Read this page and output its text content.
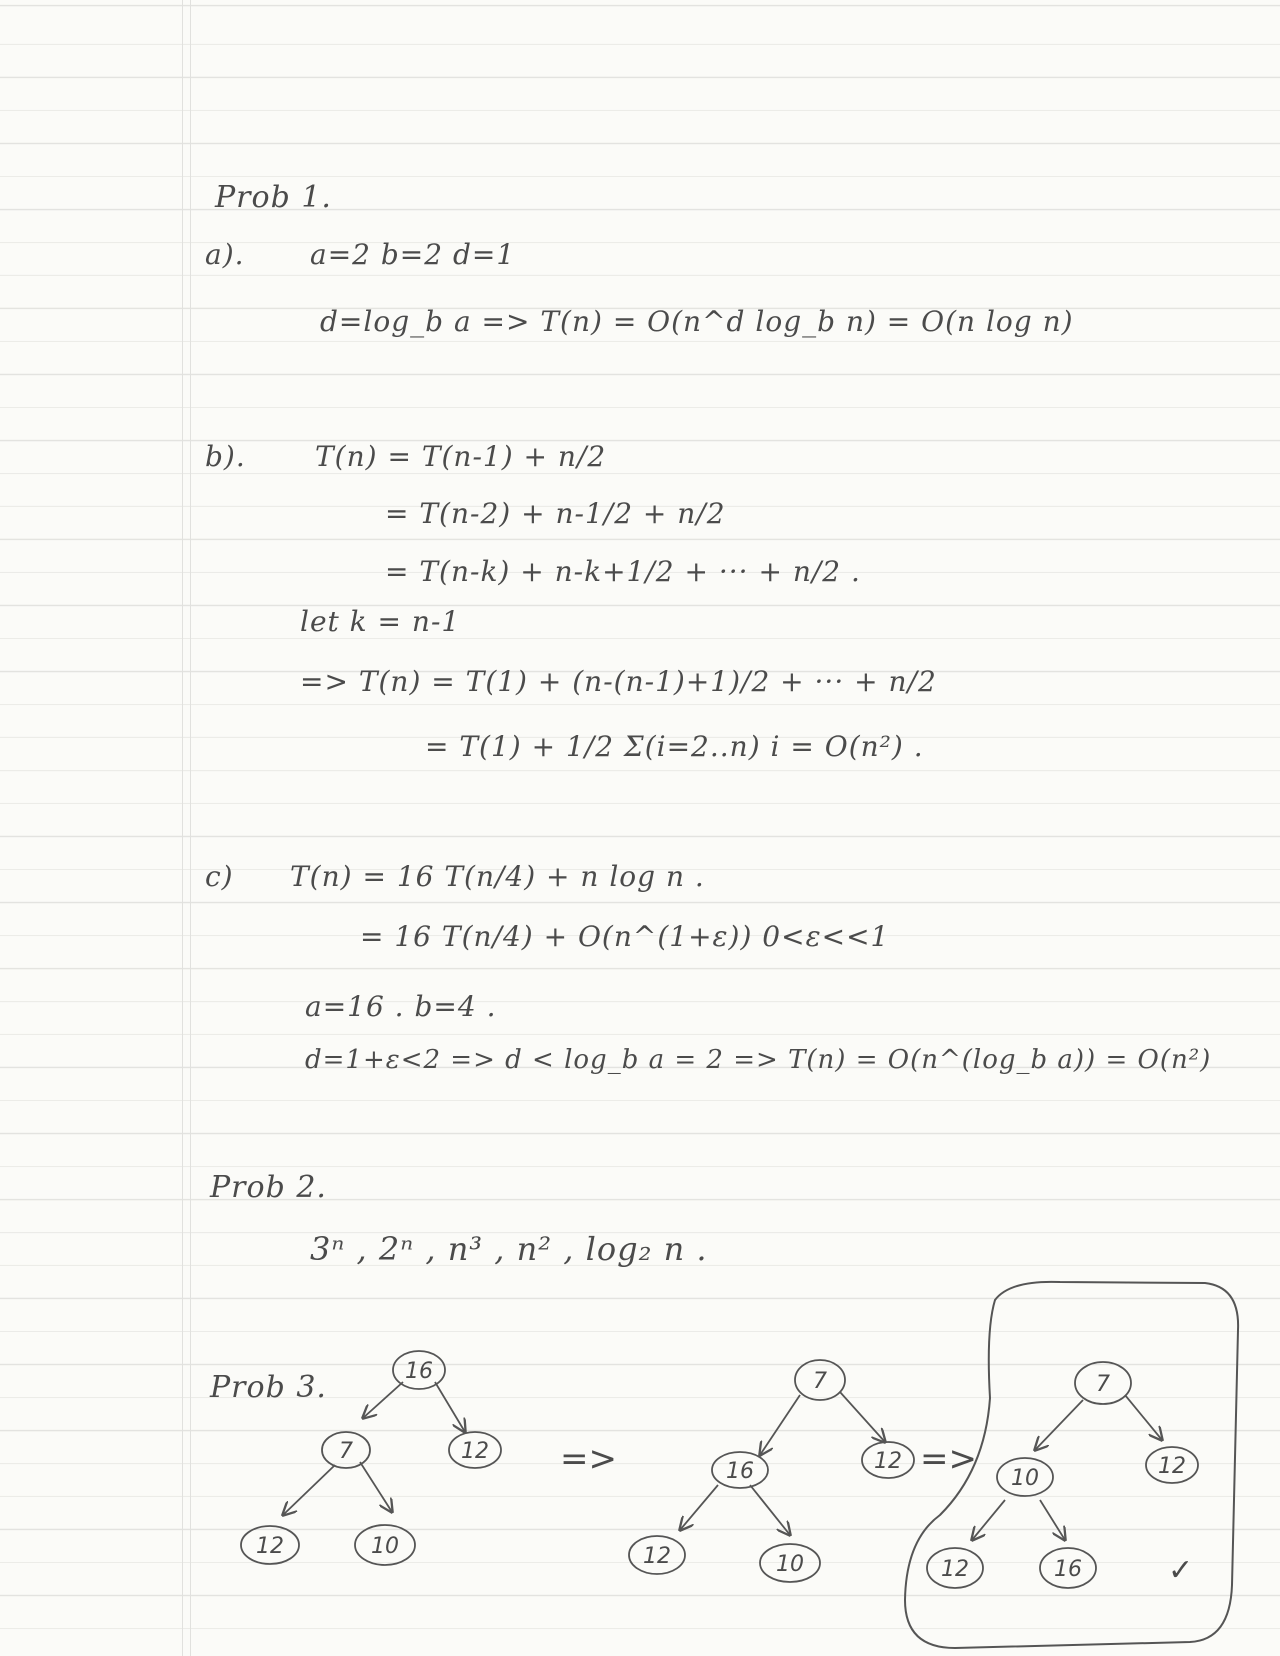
Prob 1.
a). a=2 b=2 d=1
d=log_b a => T(n) = O(n^d log_b n) = O(n log n)
b). T(n) = T(n-1) + n/2
= T(n-2) + n-1/2 + n/2
= T(n-k) + n-k+1/2 + ··· + n/2 .
let k = n-1
=> T(n) = T(1) + (n-(n-1)+1)/2 + ··· + n/2
= T(1) + 1/2 Σ(i=2..n) i = O(n²) .
c) T(n) = 16 T(n/4) + n log n .
= 16 T(n/4) + O(n^(1+ε)) 0<ε<<1
a=16 . b=4 .
d=1+ε<2 => d < log_b a = 2 => T(n) = O(n^(log_b a)) = O(n²)
Prob 2.
3ⁿ , 2ⁿ , n³ , n² , log₂ n .
Prob 3.	16
7	12
12	10
=>
7
16	12
12	10
=>
7
10	12
12	16	✓
